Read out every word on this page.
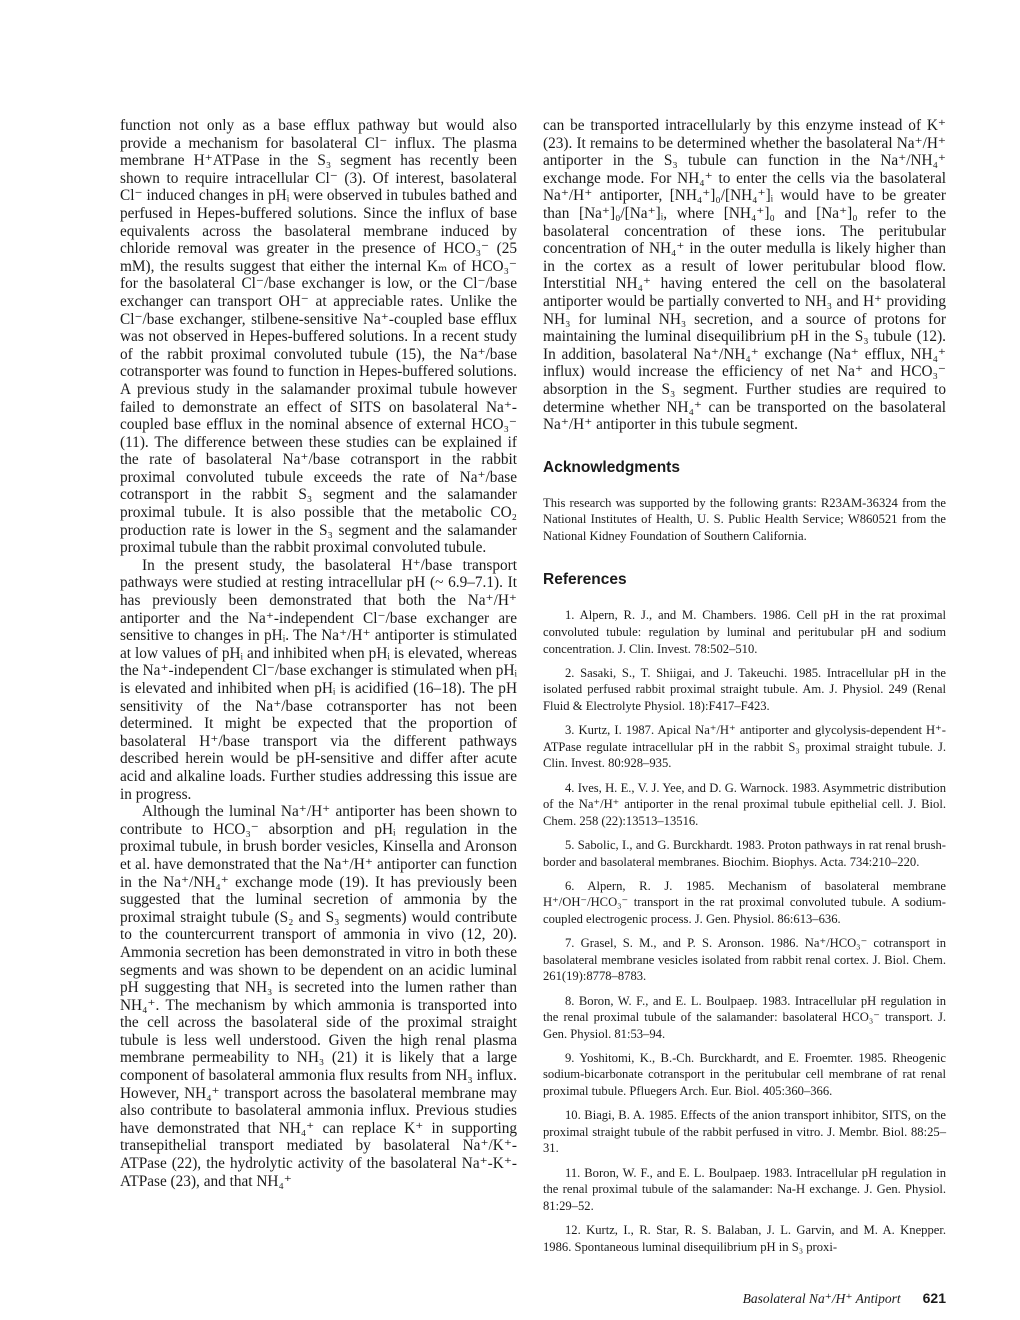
function not only as a base efflux pathway but would also provide a mechanism for basolateral Cl⁻ influx. The plasma membrane H⁺ATPase in the S₃ segment has recently been shown to require intracellular Cl⁻ (3). Of interest, basolateral Cl⁻ induced changes in pHᵢ were observed in tubules bathed and perfused in Hepes-buffered solutions. Since the influx of base equivalents across the basolateral membrane induced by chloride removal was greater in the presence of HCO₃⁻ (25 mM), the results suggest that either the internal Kₘ of HCO₃⁻ for the basolateral Cl⁻/base exchanger is low, or the Cl⁻/base exchanger can transport OH⁻ at appreciable rates. Unlike the Cl⁻/base exchanger, stilbene-sensitive Na⁺-coupled base efflux was not observed in Hepes-buffered solutions. In a recent study of the rabbit proximal convoluted tubule (15), the Na⁺/base cotransporter was found to function in Hepes-buffered solutions. A previous study in the salamander proximal tubule however failed to demonstrate an effect of SITS on basolateral Na⁺-coupled base efflux in the nominal absence of external HCO₃⁻ (11). The difference between these studies can be explained if the rate of basolateral Na⁺/base cotransport in the rabbit proximal convoluted tubule exceeds the rate of Na⁺/base cotransport in the rabbit S₃ segment and the salamander proximal tubule. It is also possible that the metabolic CO₂ production rate is lower in the S₃ segment and the salamander proximal tubule than the rabbit proximal convoluted tubule.

In the present study, the basolateral H⁺/base transport pathways were studied at resting intracellular pH (~ 6.9–7.1). It has previously been demonstrated that both the Na⁺/H⁺ antiporter and the Na⁺-independent Cl⁻/base exchanger are sensitive to changes in pHᵢ. The Na⁺/H⁺ antiporter is stimulated at low values of pHᵢ and inhibited when pHᵢ is elevated, whereas the Na⁺-independent Cl⁻/base exchanger is stimulated when pHᵢ is elevated and inhibited when pHᵢ is acidified (16–18). The pH sensitivity of the Na⁺/base cotransporter has not been determined. It might be expected that the proportion of basolateral H⁺/base transport via the different pathways described herein would be pH-sensitive and differ after acute acid and alkaline loads. Further studies addressing this issue are in progress.

Although the luminal Na⁺/H⁺ antiporter has been shown to contribute to HCO₃⁻ absorption and pHᵢ regulation in the proximal tubule, in brush border vesicles, Kinsella and Aronson et al. have demonstrated that the Na⁺/H⁺ antiporter can function in the Na⁺/NH₄⁺ exchange mode (19). It has previously been suggested that the luminal secretion of ammonia by the proximal straight tubule (S₂ and S₃ segments) would contribute to the countercurrent transport of ammonia in vivo (12, 20). Ammonia secretion has been demonstrated in vitro in both these segments and was shown to be dependent on an acidic luminal pH suggesting that NH₃ is secreted into the lumen rather than NH₄⁺. The mechanism by which ammonia is transported into the cell across the basolateral side of the proximal straight tubule is less well understood. Given the high renal plasma membrane permeability to NH₃ (21) it is likely that a large component of basolateral ammonia flux results from NH₃ influx. However, NH₄⁺ transport across the basolateral membrane may also contribute to basolateral ammonia influx. Previous studies have demonstrated that NH₄⁺ can replace K⁺ in supporting transepithelial transport mediated by basolateral Na⁺/K⁺-ATPase (22), the hydrolytic activity of the basolateral Na⁺-K⁺-ATPase (23), and that NH₄⁺

can be transported intracellularly by this enzyme instead of K⁺ (23). It remains to be determined whether the basolateral Na⁺/H⁺ antiporter in the S₃ tubule can function in the Na⁺/NH₄⁺ exchange mode. For NH₄⁺ to enter the cells via the basolateral Na⁺/H⁺ antiporter, [NH₄⁺]₀/[NH₄⁺]ᵢ would have to be greater than [Na⁺]₀/[Na⁺]ᵢ, where [NH₄⁺]₀ and [Na⁺]₀ refer to the basolateral concentration of these ions. The peritubular concentration of NH₄⁺ in the outer medulla is likely higher than in the cortex as a result of lower peritubular blood flow. Interstitial NH₄⁺ having entered the cell on the basolateral antiporter would be partially converted to NH₃ and H⁺ providing NH₃ for luminal NH₃ secretion, and a source of protons for maintaining the luminal disequilibrium pH in the S₃ tubule (12). In addition, basolateral Na⁺/NH₄⁺ exchange (Na⁺ efflux, NH₄⁺ influx) would increase the efficiency of net Na⁺ and HCO₃⁻ absorption in the S₃ segment. Further studies are required to determine whether NH₄⁺ can be transported on the basolateral Na⁺/H⁺ antiporter in this tubule segment.

Acknowledgments

This research was supported by the following grants: R23AM-36324 from the National Institutes of Health, U. S. Public Health Service; W860521 from the National Kidney Foundation of Southern California.

References
1. Alpern, R. J., and M. Chambers. 1986. Cell pH in the rat proximal convoluted tubule: regulation by luminal and peritubular pH and sodium concentration. J. Clin. Invest. 78:502–510.
2. Sasaki, S., T. Shiigai, and J. Takeuchi. 1985. Intracellular pH in the isolated perfused rabbit proximal straight tubule. Am. J. Physiol. 249 (Renal Fluid & Electrolyte Physiol. 18):F417–F423.
3. Kurtz, I. 1987. Apical Na⁺/H⁺ antiporter and glycolysis-dependent H⁺-ATPase regulate intracellular pH in the rabbit S₃ proximal straight tubule. J. Clin. Invest. 80:928–935.
4. Ives, H. E., V. J. Yee, and D. G. Warnock. 1983. Asymmetric distribution of the Na⁺/H⁺ antiporter in the renal proximal tubule epithelial cell. J. Biol. Chem. 258 (22):13513–13516.
5. Sabolic, I., and G. Burckhardt. 1983. Proton pathways in rat renal brush-border and basolateral membranes. Biochim. Biophys. Acta. 734:210–220.
6. Alpern, R. J. 1985. Mechanism of basolateral membrane H⁺/OH⁻/HCO₃⁻ transport in the rat proximal convoluted tubule. A sodium-coupled electrogenic process. J. Gen. Physiol. 86:613–636.
7. Grasel, S. M., and P. S. Aronson. 1986. Na⁺/HCO₃⁻ cotransport in basolateral membrane vesicles isolated from rabbit renal cortex. J. Biol. Chem. 261(19):8778–8783.
8. Boron, W. F., and E. L. Boulpaep. 1983. Intracellular pH regulation in the renal proximal tubule of the salamander: basolateral HCO₃⁻ transport. J. Gen. Physiol. 81:53–94.
9. Yoshitomi, K., B.-Ch. Burckhardt, and E. Froemter. 1985. Rheogenic sodium-bicarbonate cotransport in the peritubular cell membrane of rat renal proximal tubule. Pfluegers Arch. Eur. Biol. 405:360–366.
10. Biagi, B. A. 1985. Effects of the anion transport inhibitor, SITS, on the proximal straight tubule of the rabbit perfused in vitro. J. Membr. Biol. 88:25–31.
11. Boron, W. F., and E. L. Boulpaep. 1983. Intracellular pH regulation in the renal proximal tubule of the salamander: Na-H exchange. J. Gen. Physiol. 81:29–52.
12. Kurtz, I., R. Star, R. S. Balaban, J. L. Garvin, and M. A. Knepper. 1986. Spontaneous luminal disequilibrium pH in S₃ proxi-
Basolateral Na⁺/H⁺ Antiport 621
